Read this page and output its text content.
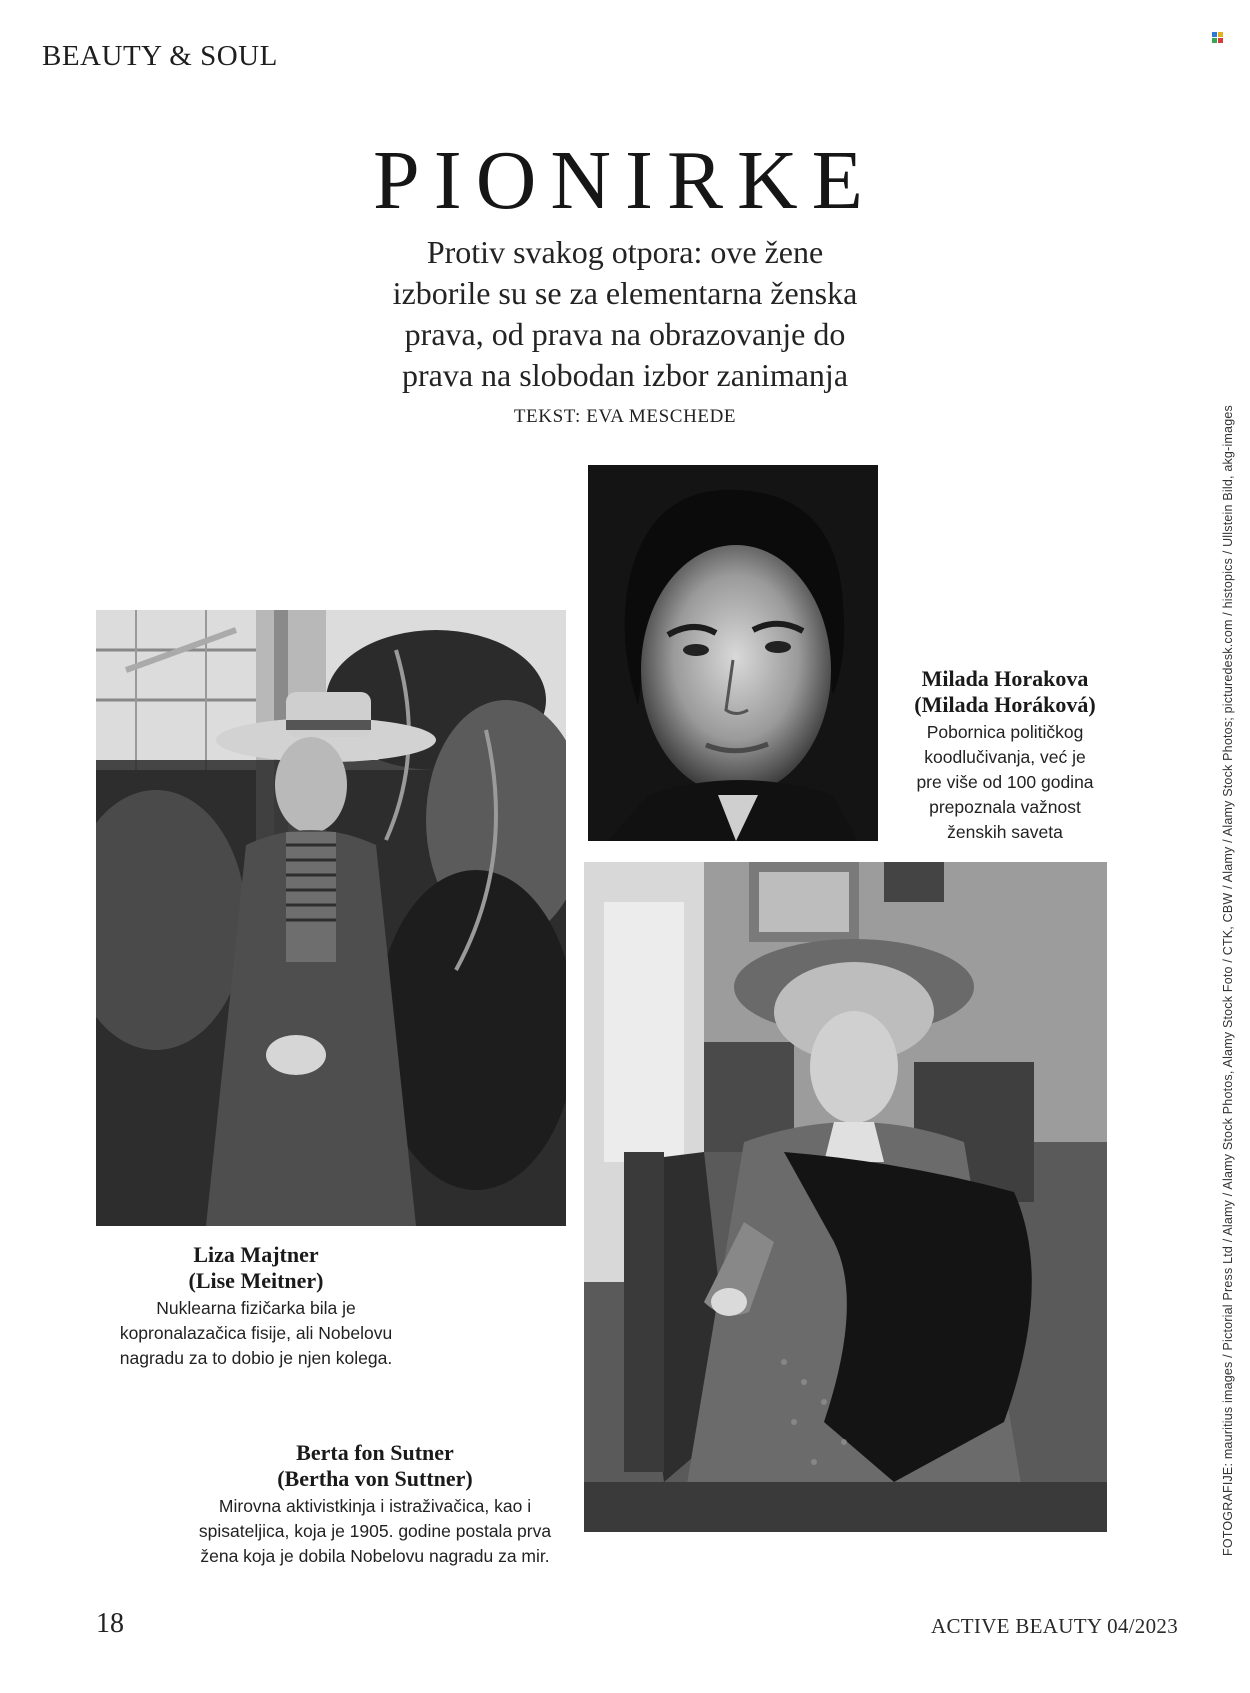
BEAUTY & SOUL
PIONIRKE
Protiv svakog otpora: ove žene
izborile su se za elementarna ženska
prava, od prava na obrazovanje do
prava na slobodan izbor zanimanja
TEKST: EVA MESCHEDE
Milada Horakova
(Milada Horáková)
Pobornica političkog
koodlučivanja, već je
pre više od 100 godina
prepoznala važnost
ženskih saveta
Liza Majtner
(Lise Meitner)
Nuklearna fizičarka bila je
kopronalazačica fisije, ali Nobelovu
nagradu za to dobio je njen kolega.
Berta fon Sutner
(Bertha von Suttner)
Mirovna aktivistkinja i istraživačica, kao i
spisateljica, koja je 1905. godine postala prva
žena koja je dobila Nobelovu nagradu za mir.	FOTOGRAFIJE: mauritius images / Pictorial Press Ltd / Alamy / Alamy Stock Photos, Alamy Stock Foto / CTK, CBW / Alamy / Alamy Stock Photos; picturedesk.com / histopics / Ullstein Bild, akg-images
18	ACTIVE BEAUTY 04/2023
